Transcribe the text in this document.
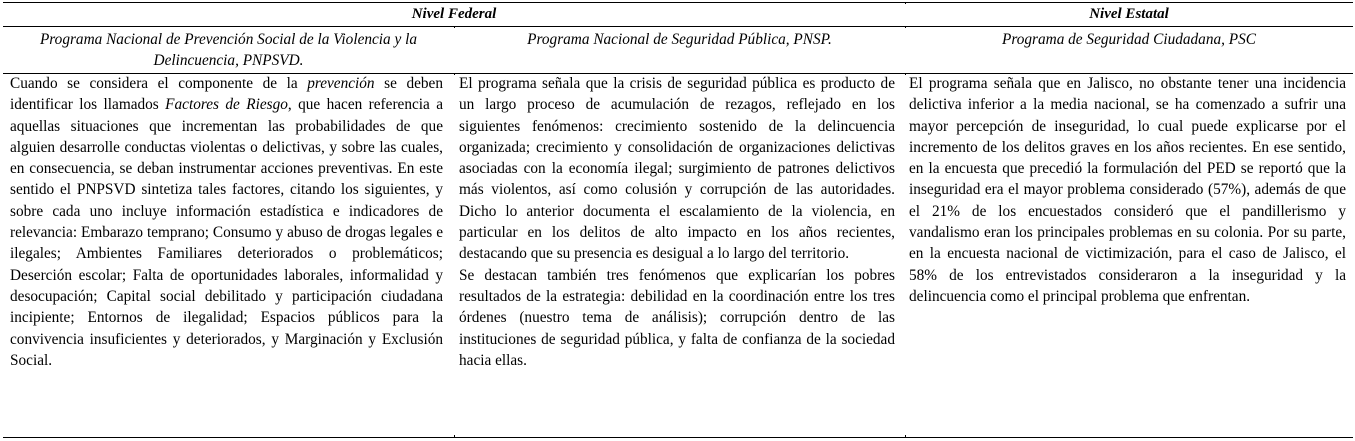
Nivel Federal	Nivel Estatal
Programa Nacional de Prevención Social de la Violencia y la Delincuencia, PNPSVD.
Programa Nacional de Seguridad Pública, PNSP.	Programa de Seguridad Ciudadana, PSC

Cuando se considera el componente de la prevención se deben identificar los llamados Factores de Riesgo, que hacen referencia a aquellas situaciones que incrementan las probabilidades de que alguien desarrolle conductas violentas o delictivas, y sobre las cuales, en consecuencia, se deban instrumentar acciones preventivas. En este sentido el PNPSVD sintetiza tales factores, citando los siguientes, y sobre cada uno incluye información estadística e indicadores de relevancia: Embarazo temprano; Consumo y abuso de drogas legales e ilegales; Ambientes Familiares deteriorados o problemáticos; Deserción escolar; Falta de oportunidades laborales, informalidad y desocupación; Capital social debilitado y participación ciudadana incipiente; Entornos de ilegalidad; Espacios públicos para la convivencia insuficientes y deteriorados, y Marginación y Exclusión Social.

El programa señala que la crisis de seguridad pública es producto de un largo proceso de acumulación de rezagos, reflejado en los siguientes fenómenos: crecimiento sostenido de la delincuencia organizada; crecimiento y consolidación de organizaciones delictivas asociadas con la economía ilegal; surgimiento de patrones delictivos más violentos, así como colusión y corrupción de las autoridades. Dicho lo anterior documenta el escalamiento de la violencia, en particular en los delitos de alto impacto en los años recientes, destacando que su presencia es desigual a lo largo del territorio.

Se destacan también tres fenómenos que explicarían los pobres resultados de la estrategia: debilidad en la coordinación entre los tres órdenes (nuestro tema de análisis); corrupción dentro de las instituciones de seguridad pública, y falta de confianza de la sociedad hacia ellas.

El programa señala que en Jalisco, no obstante tener una incidencia delictiva inferior a la media nacional, se ha comenzado a sufrir una mayor percepción de inseguridad, lo cual puede explicarse por el incremento de los delitos graves en los años recientes. En ese sentido, en la encuesta que precedió la formulación del PED se reportó que la inseguridad era el mayor problema considerado (57%), además de que el 21% de los encuestados consideró que el pandillerismo y vandalismo eran los principales problemas en su colonia. Por su parte, en la encuesta nacional de victimización, para el caso de Jalisco, el 58% de los entrevistados consideraron a la inseguridad y la delincuencia como el principal problema que enfrentan.
